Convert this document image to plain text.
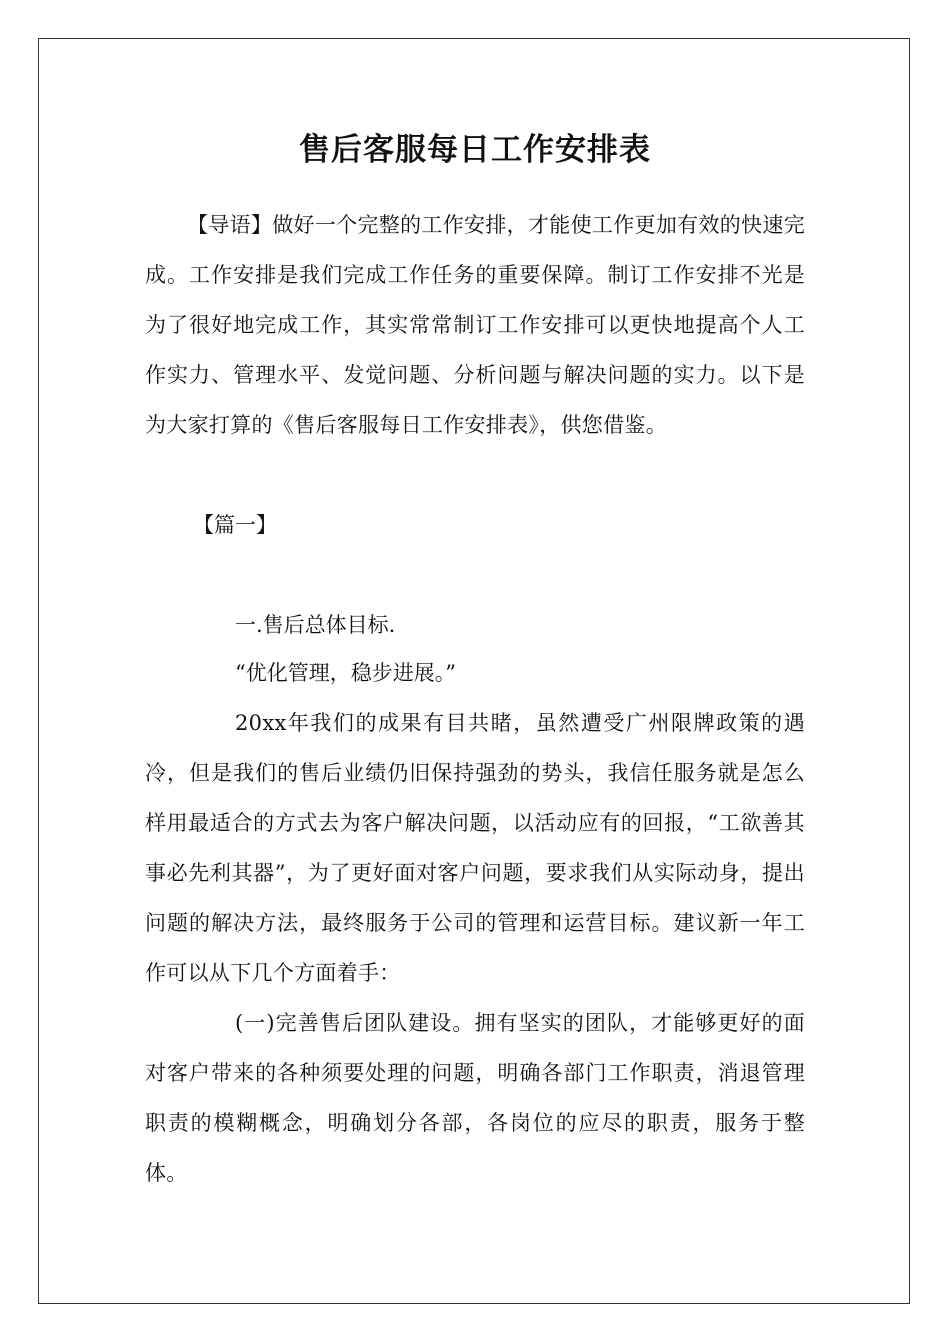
售后客服每日工作安排表

【导语】做好一个完整的工作安排，才能使工作更加有效的快速完成。工作安排是我们完成工作任务的重要保障。制订工作安排不光是为了很好地完成工作，其实常常制订工作安排可以更快地提高个人工作实力、管理水平、发觉问题、分析问题与解决问题的实力。以下是为大家打算的《售后客服每日工作安排表》，供您借鉴。

【篇一】

一.售后总体目标.

“优化管理，稳步进展。”

20xx年我们的成果有目共睹，虽然遭受广州限牌政策的遇冷，但是我们的售后业绩仍旧保持强劲的势头，我信任服务就是怎么样用最适合的方式去为客户解决问题，以活动应有的回报，“工欲善其事必先利其器”，为了更好面对客户问题，要求我们从实际动身，提出问题的解决方法，最终服务于公司的管理和运营目标。建议新一年工作可以从下几个方面着手：

(一)完善售后团队建设。拥有坚实的团队，才能够更好的面对客户带来的各种须要处理的问题，明确各部门工作职责，消退管理职责的模糊概念，明确划分各部，各岗位的应尽的职责，服务于整体。
